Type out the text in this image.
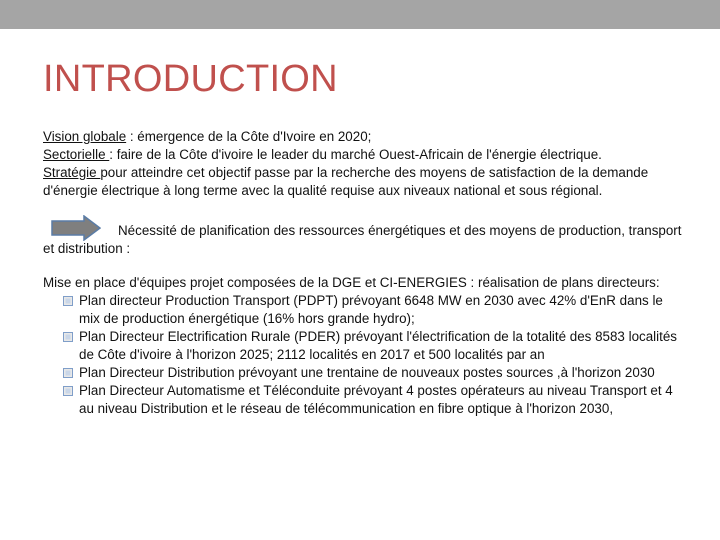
INTRODUCTION

Vision globale : émergence de la Côte d'Ivoire en 2020;

Sectorielle : faire de la Côte d'ivoire le leader du marché Ouest-Africain de l'énergie électrique.

Stratégie pour atteindre cet objectif passe par la recherche des moyens de satisfaction de la demande d'énergie électrique à long terme avec la qualité requise aux niveaux national et sous régional.

Nécessité de planification des ressources énergétiques et des moyens de production, transport et distribution :

Mise en place d'équipes projet composées de la DGE et CI-ENERGIES : réalisation de plans directeurs:

Plan directeur Production Transport (PDPT) prévoyant 6648 MW en 2030 avec 42% d'EnR dans le mix de production énergétique (16% hors grande hydro);
Plan Directeur Electrification Rurale (PDER) prévoyant l'électrification de la totalité des 8583 localités de Côte d'ivoire à l'horizon 2025; 2112 localités en 2017 et 500 localités par an
Plan Directeur Distribution prévoyant une trentaine de nouveaux postes sources ,à l'horizon 2030
Plan Directeur Automatisme et Téléconduite prévoyant 4 postes opérateurs au niveau Transport et 4 au niveau Distribution et le réseau de télécommunication en fibre optique à l'horizon 2030,
